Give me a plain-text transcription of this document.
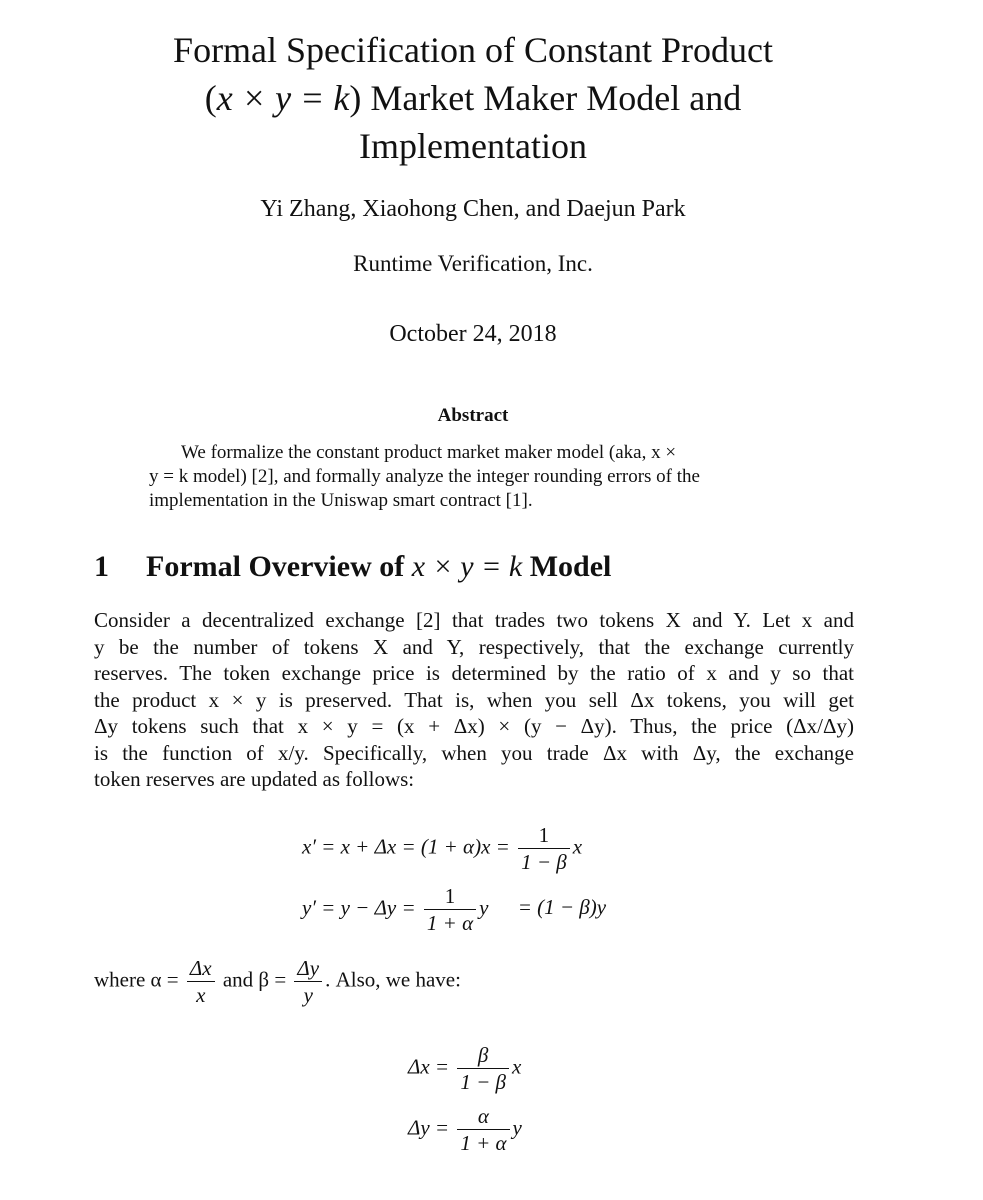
Formal Specification of Constant Product
(x × y = k) Market Maker Model and
Implementation
Yi Zhang, Xiaohong Chen, and Daejun Park
Runtime Verification, Inc.
October 24, 2018
Abstract
We formalize the constant product market maker model (aka, x ×
y = k model) [2], and formally analyze the integer rounding errors of the
implementation in the Uniswap smart contract [1].
1 Formal Overview of x × y = k Model
Consider a decentralized exchange [2] that trades two tokens X and Y. Let x and
y be the number of tokens X and Y, respectively, that the exchange currently
reserves. The token exchange price is determined by the ratio of x and y so that
the product x × y is preserved. That is, when you sell Δx tokens, you will get
Δy tokens such that x × y = (x + Δx) × (y − Δy). Thus, the price (Δx/Δy)
is the function of x/y. Specifically, when you trade Δx with Δy, the exchange
token reserves are updated as follows:
$x' = x + \Delta x = (1 + \alpha)x = \frac{1}{1 - \beta}$ x
$y' = y - \Delta y = \frac{1}{1 + \alpha}$ y = (1 − β)y
where $\alpha = \frac{\Delta x}{x}$ and $\beta = \frac{\Delta y}{y}$ . Also, we have:
$\Delta x = \frac{\beta}{1 - \beta}$ x
$\Delta y = \frac{\alpha}{1 + \alpha}$ y
